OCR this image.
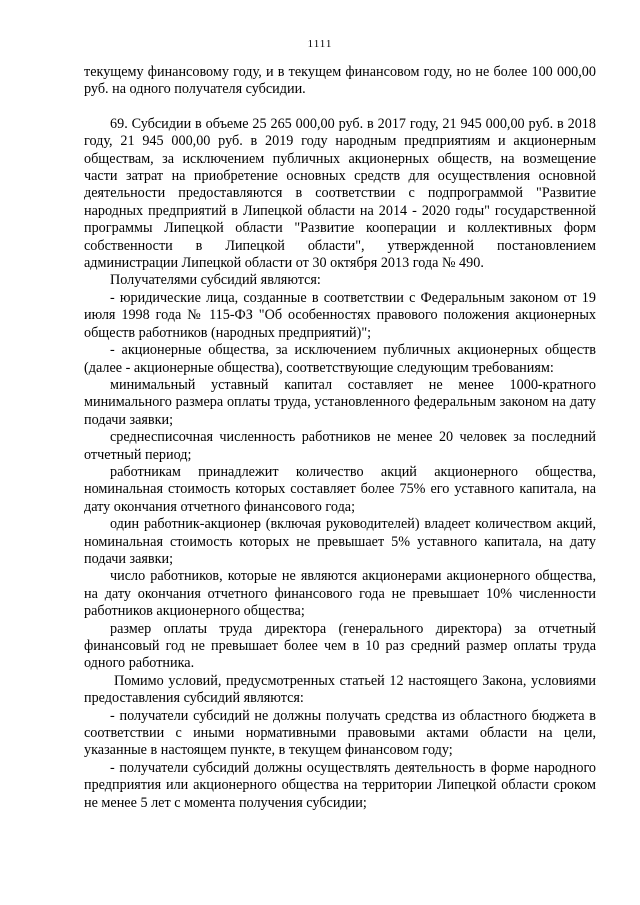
1111

текущему финансовому году, и в текущем финансовом году, но не более 100 000,00 руб. на одного получателя субсидии.

69. Субсидии в объеме 25 265 000,00 руб. в 2017 году, 21 945 000,00 руб. в 2018 году, 21 945 000,00 руб. в 2019 году народным предприятиям и акционерным обществам, за исключением публичных акционерных обществ, на возмещение части затрат на приобретение основных средств для осуществления основной деятельности предоставляются в соответствии с подпрограммой "Развитие народных предприятий в Липецкой области на 2014 - 2020 годы" государственной программы Липецкой области "Развитие кооперации и коллективных форм собственности в Липецкой области", утвержденной постановлением администрации Липецкой области от 30 октября 2013 года № 490.

Получателями субсидий являются:

- юридические лица, созданные в соответствии с Федеральным законом от 19 июля 1998 года № 115-ФЗ "Об особенностях правового положения акционерных обществ работников (народных предприятий)";

- акционерные общества, за исключением публичных акционерных обществ (далее - акционерные общества), соответствующие следующим требованиям:

минимальный уставный капитал составляет не менее 1000-кратного минимального размера оплаты труда, установленного федеральным законом на дату подачи заявки;

среднесписочная численность работников не менее 20 человек за последний отчетный период;

работникам принадлежит количество акций акционерного общества, номинальная стоимость которых составляет более 75% его уставного капитала, на дату окончания отчетного финансового года;

один работник-акционер (включая руководителей) владеет количеством акций, номинальная стоимость которых не превышает 5% уставного капитала, на дату подачи заявки;

число работников, которые не являются акционерами акционерного общества, на дату окончания отчетного финансового года не превышает 10% численности работников акционерного общества;

размер оплаты труда директора (генерального директора) за отчетный финансовый год не превышает более чем в 10 раз средний размер оплаты труда одного работника.

Помимо условий, предусмотренных статьей 12 настоящего Закона, условиями предоставления субсидий являются:

- получатели субсидий не должны получать средства из областного бюджета в соответствии с иными нормативными правовыми актами области на цели, указанные в настоящем пункте, в текущем финансовом году;

- получатели субсидий должны осуществлять деятельность в форме народного предприятия или акционерного общества на территории Липецкой области сроком не менее 5 лет с момента получения субсидии;
